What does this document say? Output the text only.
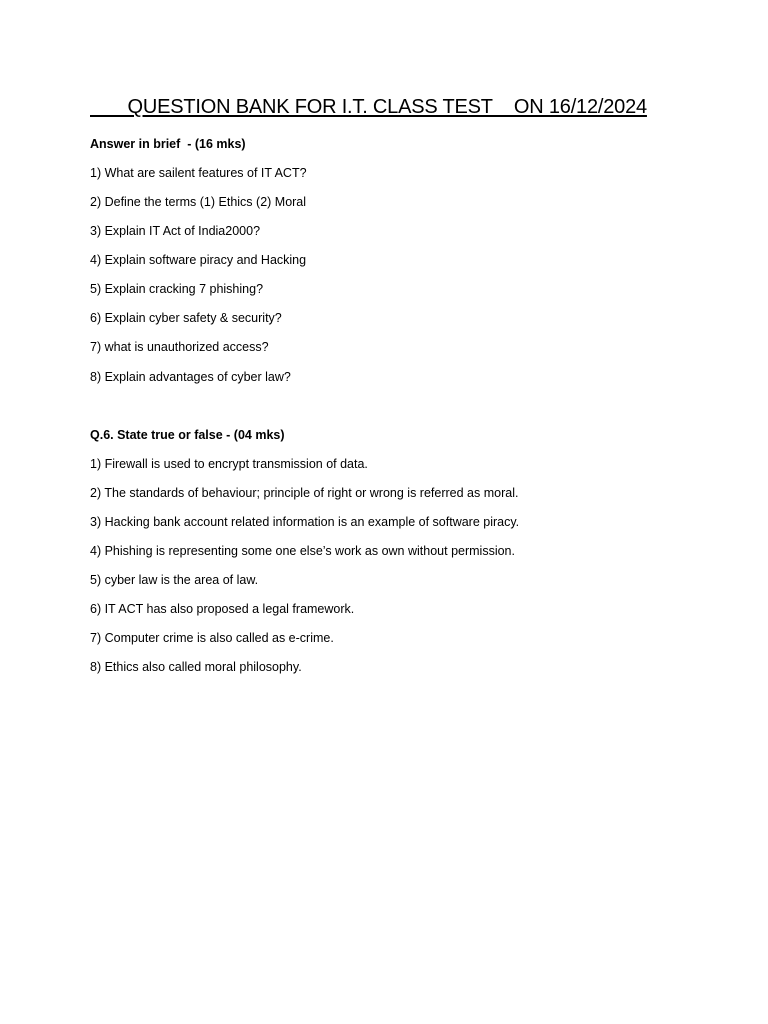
QUESTION BANK FOR I.T. CLASS TEST    ON 16/12/2024

Answer in brief  - (16 mks)

1) What are sailent features of IT ACT?

2) Define the terms (1) Ethics (2) Moral

3) Explain IT Act of India2000?

4) Explain software piracy and Hacking

5) Explain cracking 7 phishing?

6) Explain cyber safety & security?

7) what is unauthorized access?

8) Explain advantages of cyber law?

Q.6. State true or false - (04 mks)

1) Firewall is used to encrypt transmission of data.

2) The standards of behaviour; principle of right or wrong is referred as moral.

3) Hacking bank account related information is an example of software piracy.

4) Phishing is representing some one else’s work as own without permission.

5) cyber law is the area of law.

6) IT ACT has also proposed a legal framework.

7) Computer crime is also called as e-crime.

8) Ethics also called moral philosophy.
